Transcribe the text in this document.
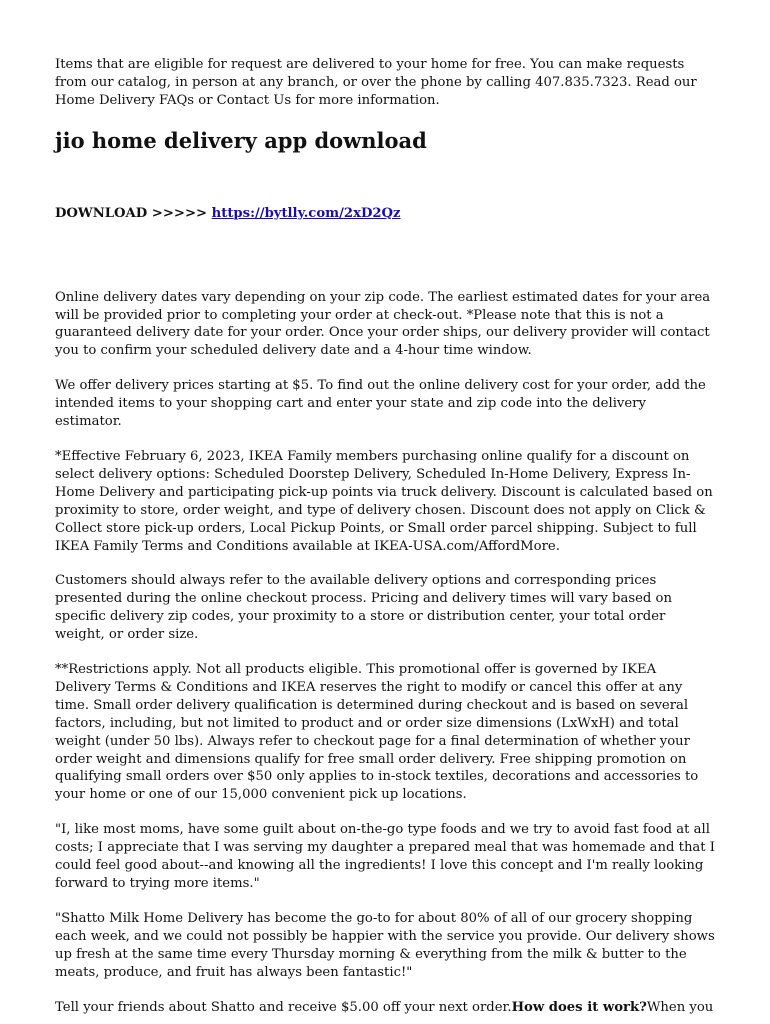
Items that are eligible for request are delivered to your home for free. You can make requests from our catalog, in person at any branch, or over the phone by calling 407.835.7323. Read our Home Delivery FAQs or Contact Us for more information.

jio home delivery app download
DOWNLOAD >>>>> https://bytlly.com/2xD2Qz

Online delivery dates vary depending on your zip code. The earliest estimated dates for your area will be provided prior to completing your order at check-out. *Please note that this is not a guaranteed delivery date for your order. Once your order ships, our delivery provider will contact you to confirm your scheduled delivery date and a 4-hour time window.

We offer delivery prices starting at $5. To find out the online delivery cost for your order, add the intended items to your shopping cart and enter your state and zip code into the delivery estimator.

*Effective February 6, 2023, IKEA Family members purchasing online qualify for a discount on select delivery options: Scheduled Doorstep Delivery, Scheduled In-Home Delivery, Express In-Home Delivery and participating pick-up points via truck delivery. Discount is calculated based on proximity to store, order weight, and type of delivery chosen. Discount does not apply on Click & Collect store pick-up orders, Local Pickup Points, or Small order parcel shipping. Subject to full IKEA Family Terms and Conditions available at IKEA-USA.com/AffordMore.

Customers should always refer to the available delivery options and corresponding prices presented during the online checkout process. Pricing and delivery times will vary based on specific delivery zip codes, your proximity to a store or distribution center, your total order weight, or order size.

**Restrictions apply. Not all products eligible. This promotional offer is governed by IKEA Delivery Terms & Conditions and IKEA reserves the right to modify or cancel this offer at any time. Small order delivery qualification is determined during checkout and is based on several factors, including, but not limited to product and or order size dimensions (LxWxH) and total weight (under 50 lbs). Always refer to checkout page for a final determination of whether your order weight and dimensions qualify for free small order delivery. Free shipping promotion on qualifying small orders over $50 only applies to in-stock textiles, decorations and accessories to your home or one of our 15,000 convenient pick up locations.

"I, like most moms, have some guilt about on-the-go type foods and we try to avoid fast food at all costs; I appreciate that I was serving my daughter a prepared meal that was homemade and that I could feel good about--and knowing all the ingredients! I love this concept and I'm really looking forward to trying more items."

"Shatto Milk Home Delivery has become the go-to for about 80% of all of our grocery shopping each week, and we could not possibly be happier with the service you provide. Our delivery shows up fresh at the same time every Thursday morning & everything from the milk & butter to the meats, produce, and fruit has always been fantastic!"

Tell your friends about Shatto and receive $5.00 off your next order.How does it work?When you
